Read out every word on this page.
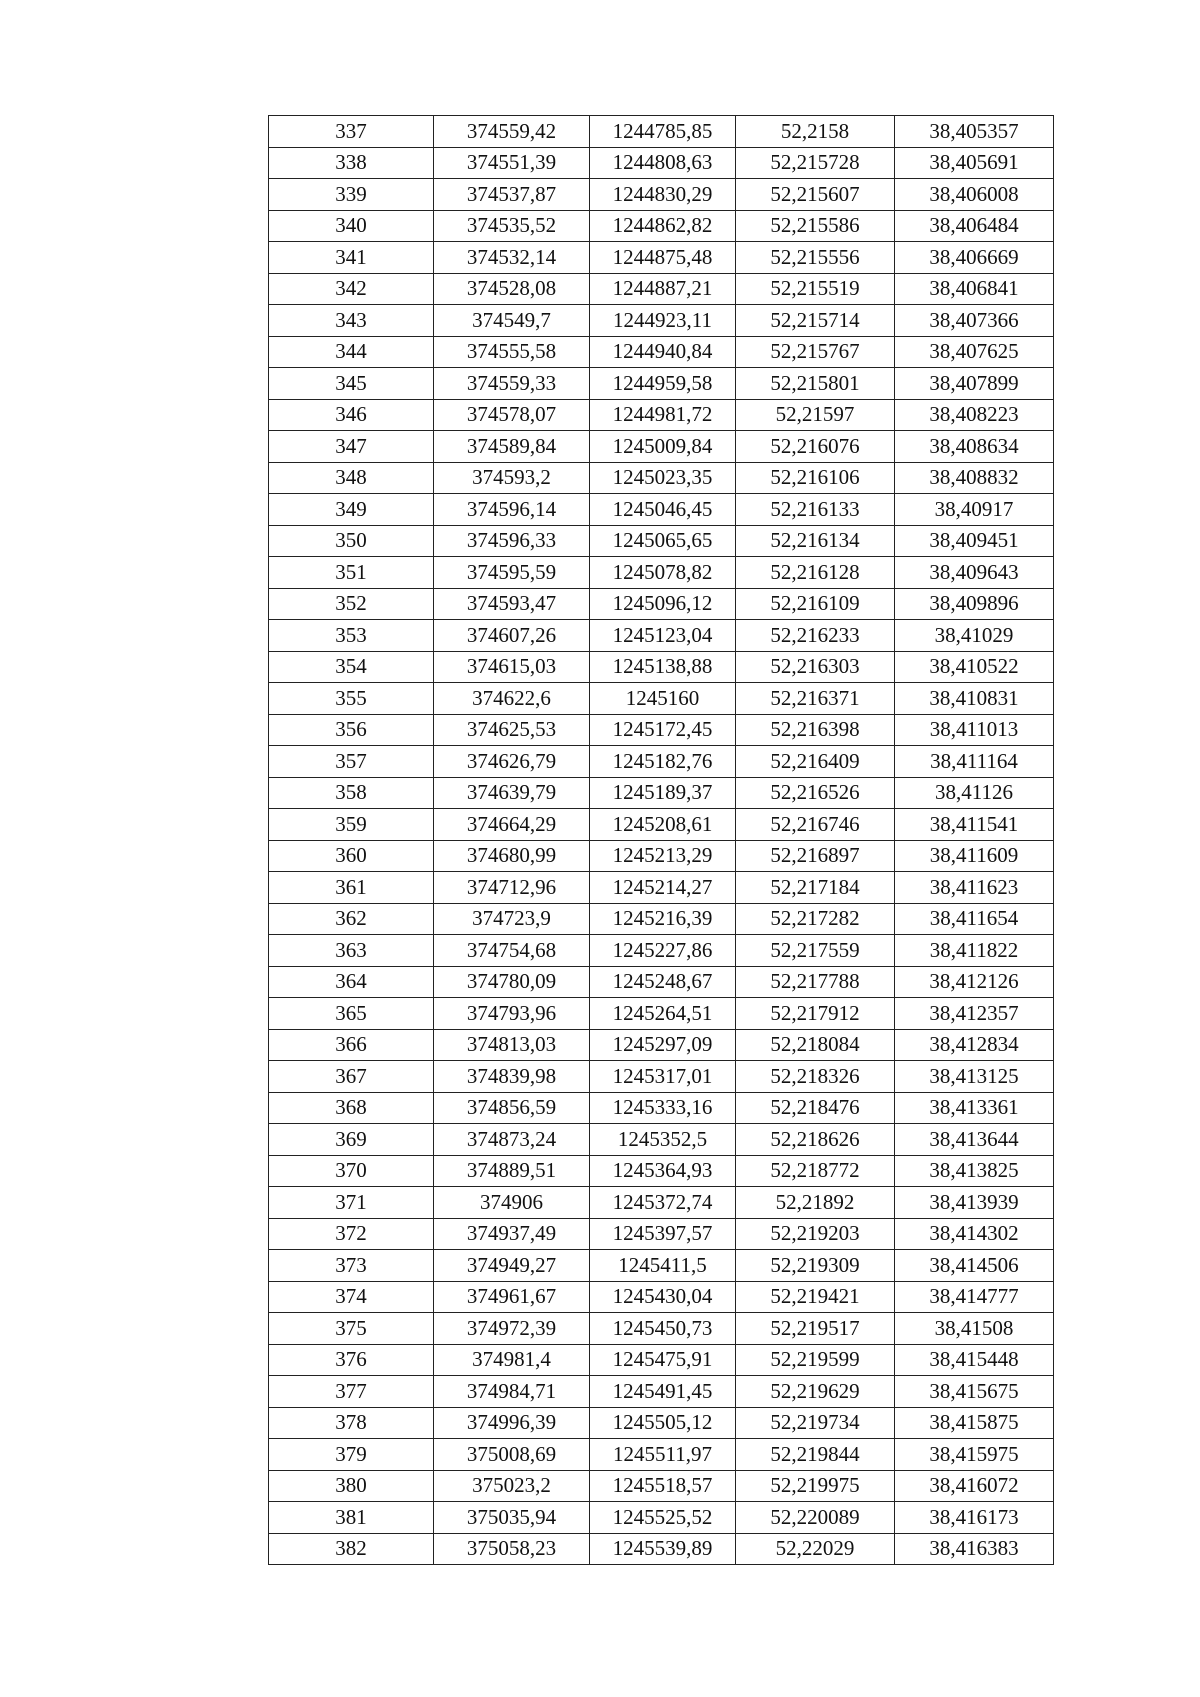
337	374559,42	1244785,85	52,2158	38,405357
338	374551,39	1244808,63	52,215728	38,405691
339	374537,87	1244830,29	52,215607	38,406008
340	374535,52	1244862,82	52,215586	38,406484
341	374532,14	1244875,48	52,215556	38,406669
342	374528,08	1244887,21	52,215519	38,406841
343	374549,7	1244923,11	52,215714	38,407366
344	374555,58	1244940,84	52,215767	38,407625
345	374559,33	1244959,58	52,215801	38,407899
346	374578,07	1244981,72	52,21597	38,408223
347	374589,84	1245009,84	52,216076	38,408634
348	374593,2	1245023,35	52,216106	38,408832
349	374596,14	1245046,45	52,216133	38,40917
350	374596,33	1245065,65	52,216134	38,409451
351	374595,59	1245078,82	52,216128	38,409643
352	374593,47	1245096,12	52,216109	38,409896
353	374607,26	1245123,04	52,216233	38,41029
354	374615,03	1245138,88	52,216303	38,410522
355	374622,6	1245160	52,216371	38,410831
356	374625,53	1245172,45	52,216398	38,411013
357	374626,79	1245182,76	52,216409	38,411164
358	374639,79	1245189,37	52,216526	38,41126
359	374664,29	1245208,61	52,216746	38,411541
360	374680,99	1245213,29	52,216897	38,411609
361	374712,96	1245214,27	52,217184	38,411623
362	374723,9	1245216,39	52,217282	38,411654
363	374754,68	1245227,86	52,217559	38,411822
364	374780,09	1245248,67	52,217788	38,412126
365	374793,96	1245264,51	52,217912	38,412357
366	374813,03	1245297,09	52,218084	38,412834
367	374839,98	1245317,01	52,218326	38,413125
368	374856,59	1245333,16	52,218476	38,413361
369	374873,24	1245352,5	52,218626	38,413644
370	374889,51	1245364,93	52,218772	38,413825
371	374906	1245372,74	52,21892	38,413939
372	374937,49	1245397,57	52,219203	38,414302
373	374949,27	1245411,5	52,219309	38,414506
374	374961,67	1245430,04	52,219421	38,414777
375	374972,39	1245450,73	52,219517	38,41508
376	374981,4	1245475,91	52,219599	38,415448
377	374984,71	1245491,45	52,219629	38,415675
378	374996,39	1245505,12	52,219734	38,415875
379	375008,69	1245511,97	52,219844	38,415975
380	375023,2	1245518,57	52,219975	38,416072
381	375035,94	1245525,52	52,220089	38,416173
382	375058,23	1245539,89	52,22029	38,416383
